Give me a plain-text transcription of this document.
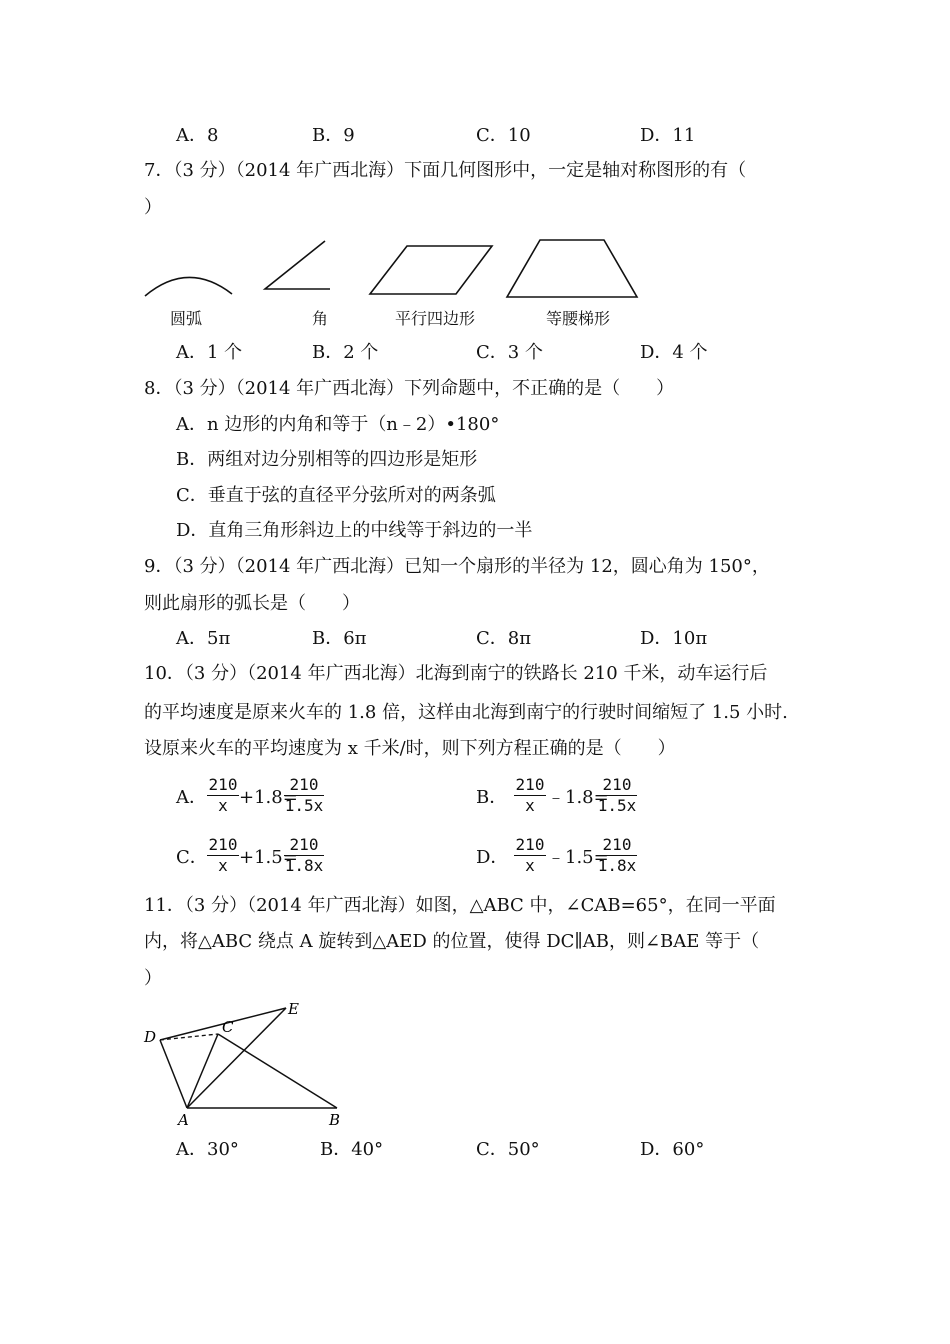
A．8	B．9	C．10	D．11
7．（3 分）（2014 年广西北海）下面几何图形中，一定是轴对称图形的有（
）
圆弧	角	平行四边形	等腰梯形
A．1 个	B．2 个	C．3 个	D．4 个
8．（3 分）（2014 年广西北海）下列命题中，不正确的是（　　）
A．n 边形的内角和等于（n﹣2）•180°
B．两组对边分别相等的四边形是矩形
C．垂直于弦的直径平分弦所对的两条弧
D．直角三角形斜边上的中线等于斜边的一半
9．（3 分）（2014 年广西北海）已知一个扇形的半径为 12，圆心角为 150°，
则此扇形的弧长是（　　）
A．5π	B．6π	C．8π	D．10π
10．（3 分）（2014 年广西北海）北海到南宁的铁路长 210 千米，动车运行后
的平均速度是原来火车的 1.8 倍，这样由北海到南宁的行驶时间缩短了 1.5 小时.
设原来火车的平均速度为 x 千米/时，则下列方程正确的是（　　）
A．
210
x +1.8=
210
1.5x	B．
210
x ﹣1.8=
210
1.5x
C．
210
x +1.5=
210
1.8x	D．
210
x ﹣1.5=
210
1.8x
11．（3 分）（2014 年广西北海）如图，△ABC 中，∠CAB=65°，在同一平面
内，将△ABC 绕点 A 旋转到△AED 的位置，使得 DC∥AB，则∠BAE 等于（
）
D
C
E
A	B
A．30°	B．40°	C．50°	D．60°
